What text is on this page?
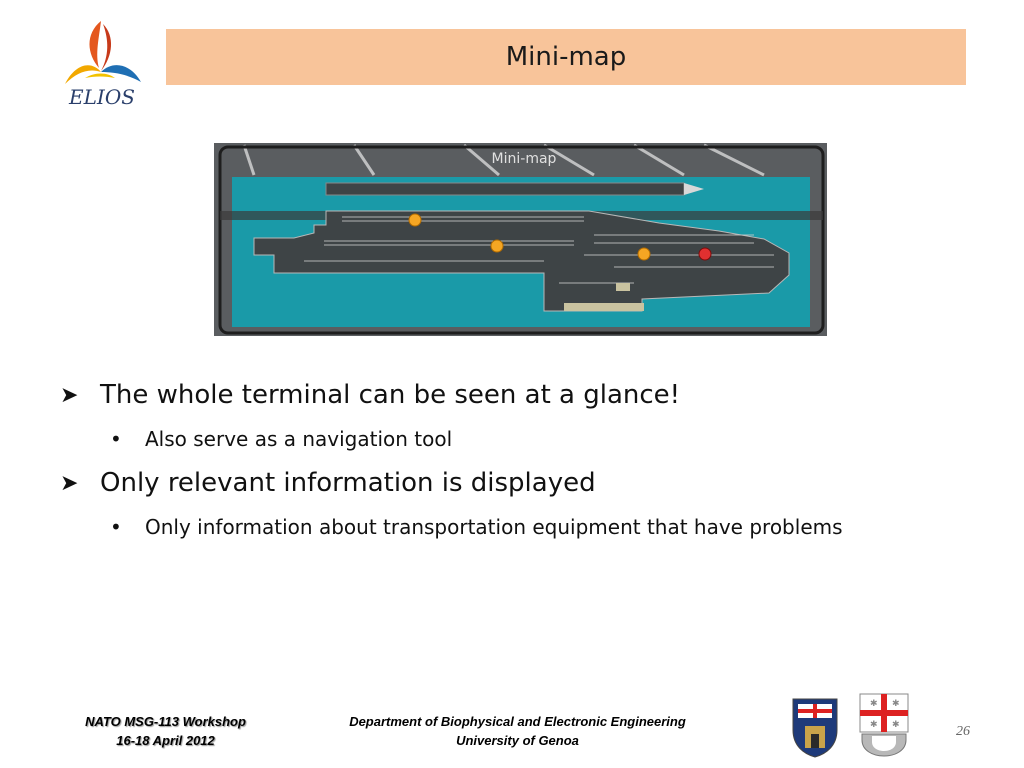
ELIOS
Mini-map
Mini-map
➤ The whole terminal can be seen at a glance!
•	Also serve as a navigation tool
➤ Only relevant information is displayed
•	Only information about transportation equipment that have problems
NATO MSG-113 Workshop
16-18 April 2012
Department of Biophysical and Electronic Engineering
University of Genoa
✱ ✱
✱ ✱	26
